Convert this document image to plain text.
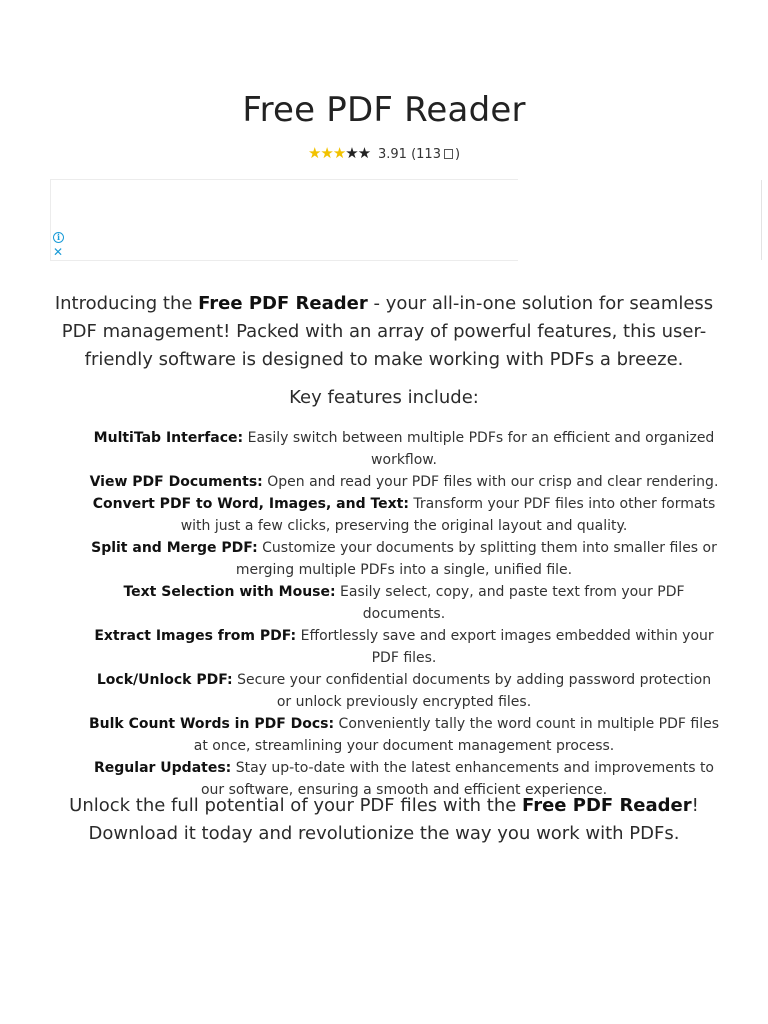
Free PDF Reader
★★★★★ 3.91 (113 )
i
✕

Introducing the Free PDF Reader - your all-in-one solution for seamless PDF management! Packed with an array of powerful features, this user-friendly software is designed to make working with PDFs a breeze.

Key features include:

MultiTab Interface: Easily switch between multiple PDFs for an efficient and organized workflow.
View PDF Documents: Open and read your PDF files with our crisp and clear rendering.
Convert PDF to Word, Images, and Text: Transform your PDF files into other formats with just a few clicks, preserving the original layout and quality.
Split and Merge PDF: Customize your documents by splitting them into smaller files or merging multiple PDFs into a single, unified file.
Text Selection with Mouse: Easily select, copy, and paste text from your PDF documents.
Extract Images from PDF: Effortlessly save and export images embedded within your PDF files.
Lock/Unlock PDF: Secure your confidential documents by adding password protection or unlock previously encrypted files.
Bulk Count Words in PDF Docs: Conveniently tally the word count in multiple PDF files at once, streamlining your document management process.
Regular Updates: Stay up-to-date with the latest enhancements and improvements to our software, ensuring a smooth and efficient experience.

Unlock the full potential of your PDF files with the Free PDF Reader! Download it today and revolutionize the way you work with PDFs.
